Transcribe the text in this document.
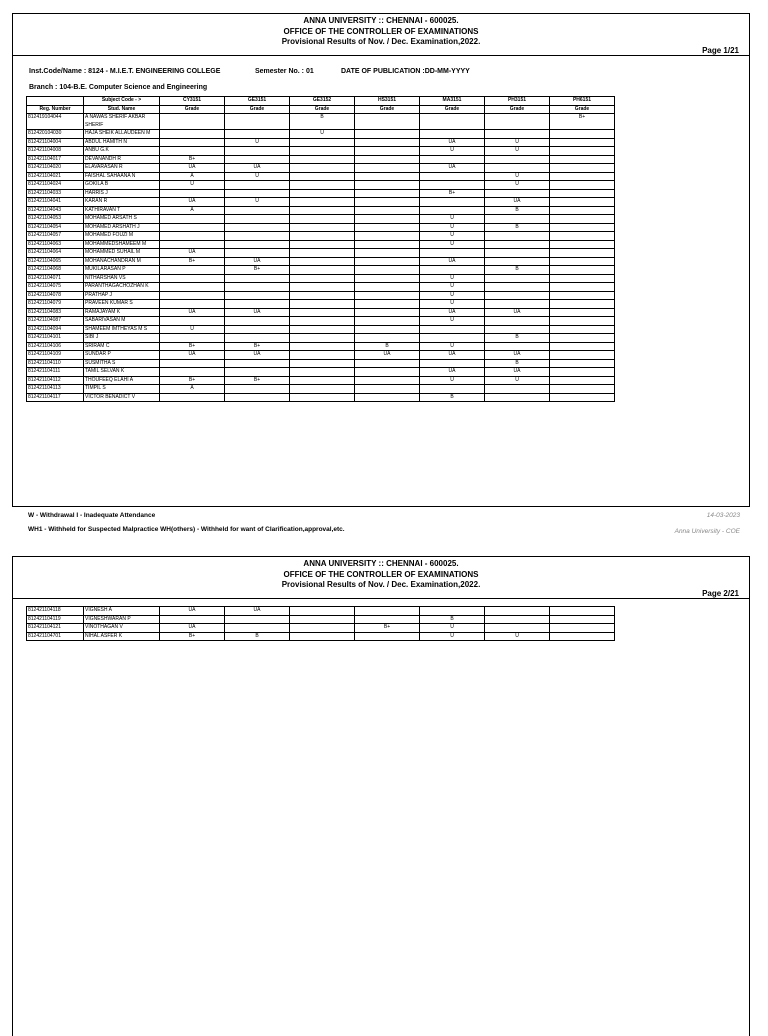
ANNA UNIVERSITY :: CHENNAI - 600025.
OFFICE OF THE CONTROLLER OF EXAMINATIONS
Provisional Results of Nov. / Dec. Examination,2022.
Page 1/21
Inst.Code/Name : 8124 - M.I.E.T. ENGINEERING COLLEGE	Semester No. : 01	DATE OF PUBLICATION :DD-MM-YYYY
Branch : 104-B.E. Computer Science and Engineering
	Subject Code - >	CY3151	GE3151	GE3152	HS3151	MA3151	PH3151	PH6151
Reg. Number	Stud. Name	Grade	Grade	Grade	Grade	Grade	Grade	Grade
812419104044	A NAWAS SHERIF AKBAR SHERIF			B				B+
812420104030	HAJA SHEIK ALLAUDEEN M			U				
812421104004	ABDUL HAMITH N		U			UA	U	
812421104008	ANBU G.K					U	U	
812421104017	DEVANANDH R	B+						
812421104020	ELAVARASAN R	UA	UA			UA		
812421104021	FAISHAL SAHAANA N	A	U				U	
812421104024	GOKILA B	U					U	
812421104033	HARRIS J					B+		
812421104041	KARAN R	UA	U				UA	
812421104043	KATHIRAVAN T	A					B	
812421104053	MOHAMED ARSATH S					U		
812421104054	MOHAMED ARSHATH J					U	B	
812421104057	MOHAMED FOUZI M					U		
812421104063	MOHAMMEDSHAMEEM M					U		
812421104064	MOHAMMED SUHAIL M	UA						
812421104065	MOHANACHANDRAN M	B+	UA			UA		
812421104068	MUKILARASAN P		B+				B	
812421104071	NITHARSHAN VS					U		
812421104075	PARANTHAGACHOZHAN K					U		
812421104078	PRATHAP J					U		
812421104079	PRAVEEN KUMAR S					U		
812421104083	RAMAJAYAM K	UA	UA			UA	UA	
812421104087	SABARIVASAN M					U		
812421104094	SHAMEEM IMTHEYAS M S	U						
812421104101	SIBI J						B	
812421104106	SRIRAM C	B+	B+		B	U		
812421104109	SUNDAR P	UA	UA		UA	UA	UA	
812421104110	SUSMITHA S						B	
812421104111	TAMIL SELVAN K					UA	UA	
812421104112	THOUFEEQ ELAHI A	B+	B+			U	U	
812421104113	TIMPIL S	A						
812421104117	VICTOR BENADICT V					B		
W - Withdrawal I - Inadequate Attendance
WH1 - Withheld for Suspected Malpractice WH(others) - Withheld for want of Clarification,approval,etc.
14-03-2023
Anna University - COE
ANNA UNIVERSITY :: CHENNAI - 600025.
OFFICE OF THE CONTROLLER OF EXAMINATIONS
Provisional Results of Nov. / Dec. Examination,2022.
Page 2/21
812421104118	VIGNESH A	UA	UA					
812421104119	VIGNESHWARAN P					B		
812421104121	VINOTHAGAN V	UA			B+	U		
812421104701	NIHAL ASFER K	B+	B			U	U	
